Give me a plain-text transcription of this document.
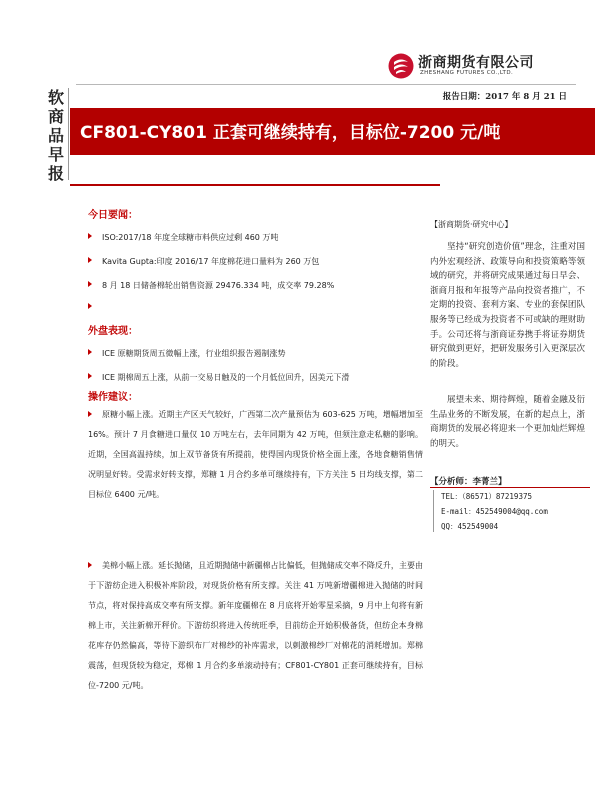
浙商期货有限公司
ZHESHANG FUTURES CO.,LTD.
报告日期：2017 年 8 月 21 日
软
商
品
早
报
CF801-CY801 正套可继续持有，目标位-7200 元/吨
今日要闻：
ISO:2017/18 年度全球糖市料供应过剩 460 万吨
Kavita Gupta:印度 2016/17 年度棉花进口量料为 260 万包
8 月 18 日储备棉轮出销售资源 29476.334 吨，成交率 79.28%
外盘表现：
ICE 原糖期货周五微幅上涨，行业组织报告遏制涨势
ICE 期棉周五上涨，从前一交易日触及的一个月低位回升，因美元下滑
操作建议：
原糖小幅上涨。近期主产区天气较好，广西第二次产量预估为 603-625 万吨，增幅增加至 16%。预计 7 月食糖进口量仅 10 万吨左右，去年同期为 42 万吨，但须注意走私糖的影响。近期，全国高温持续，加上双节备货有所提前，使得国内现货价格全面上涨，各地食糖销售情况明显好转。受需求好转支撑，郑糖 1 月合约多单可继续持有，下方关注 5 日均线支撑，第二目标位 6400 元/吨。
美棉小幅上涨。延长抛储，且近期抛储中新疆棉占比偏低，但抛储成交率不降反升，主要由于下游纺企进入积极补库阶段，对现货价格有所支撑。关注 41 万吨新增疆棉进入抛储的时间节点，将对保持高成交率有所支撑。新年度疆棉在 8 月底将开始零星采摘，9 月中上旬将有新棉上市，关注新棉开秤价。下游纺织将进入传统旺季，目前纺企开始积极备货，但纺企本身棉花库存仍然偏高，等待下游织布厂对棉纱的补库需求，以刺激棉纱厂对棉花的消耗增加。郑棉震荡，但现货较为稳定，郑棉 1 月合约多单滚动持有；CF801-CY801 正套可继续持有，目标位-7200 元/吨。
【浙商期货·研究中心】
坚持“研究创造价值”理念，注重对国内外宏观经济、政策导向和投资策略等领域的研究，并将研究成果通过每日早会、浙商月报和年报等产品向投资者推广，不定期的投资、套利方案、专业的套保团队服务等已经成为投资者不可或缺的理财助手。公司还将与浙商证券携手将证券期货研究做到更好，把研发服务引入更深层次的阶段。
展望未来、期待辉煌，随着金融及衍生品业务的不断发展，在新的起点上，浙商期货的发展必将迎来一个更加灿烂辉煌的明天。
【分析师：李菁兰】
TEL：（86571）87219375
E-mail：452549004@qq.com
QQ：452549004
